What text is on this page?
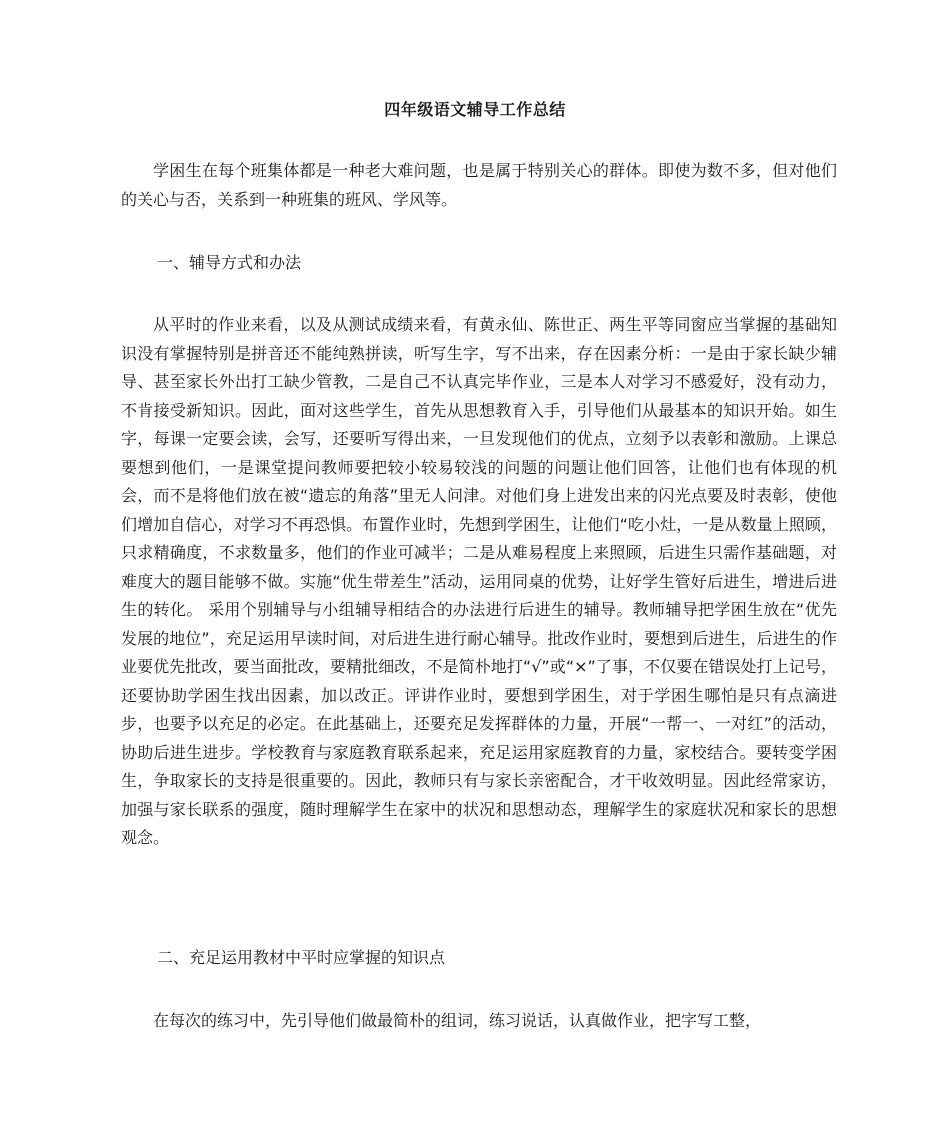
四年级语文辅导工作总结
学困生在每个班集体都是一种老大难问题，也是属于特别关心的群体。即使为数不多，但对他们的关心与否，关系到一种班集的班风、学风等。
一、辅导方式和办法
从平时的作业来看，以及从测试成绩来看，有黄永仙、陈世正、两生平等同窗应当掌握的基础知识没有掌握特别是拼音还不能纯熟拼读，听写生字，写不出来，存在因素分析：一是由于家长缺少辅导、甚至家长外出打工缺少管教，二是自己不认真完毕作业，三是本人对学习不感爱好，没有动力，不肯接受新知识。因此，面对这些学生，首先从思想教育入手，引导他们从最基本的知识开始。如生字，每课一定要会读，会写，还要听写得出来，一旦发现他们的优点，立刻予以表彰和激励。上课总要想到他们，一是课堂提问教师要把较小较易较浅的问题的问题让他们回答，让他们也有体现的机会，而不是将他们放在被“遗忘的角落”里无人问津。对他们身上进发出来的闪光点要及时表彰，使他们增加自信心，对学习不再恐惧。布置作业时，先想到学困生，让他们“吃小灶，一是从数量上照顾，只求精确度，不求数量多，他们的作业可减半；二是从难易程度上来照顾，后进生只需作基础题，对难度大的题目能够不做。实施“优生带差生”活动，运用同桌的优势，让好学生管好后进生，增进后进生的转化。 采用个别辅导与小组辅导相结合的办法进行后进生的辅导。教师辅导把学困生放在“优先发展的地位”，充足运用早读时间，对后进生进行耐心辅导。批改作业时，要想到后进生，后进生的作业要优先批改，要当面批改，要精批细改，不是简朴地打“√”或“×”了事，不仅要在错误处打上记号，还要协助学困生找出因素，加以改正。评讲作业时，要想到学困生，对于学困生哪怕是只有点滴进步，也要予以充足的必定。在此基础上，还要充足发挥群体的力量，开展“一帮一、一对红”的活动，协助后进生进步。学校教育与家庭教育联系起来，充足运用家庭教育的力量，家校结合。要转变学困生，争取家长的支持是很重要的。因此，教师只有与家长亲密配合，才干收效明显。因此经常家访，加强与家长联系的强度，随时理解学生在家中的状况和思想动态，理解学生的家庭状况和家长的思想观念。
二、充足运用教材中平时应掌握的知识点
在每次的练习中，先引导他们做最简朴的组词，练习说话，认真做作业，把字写工整，
